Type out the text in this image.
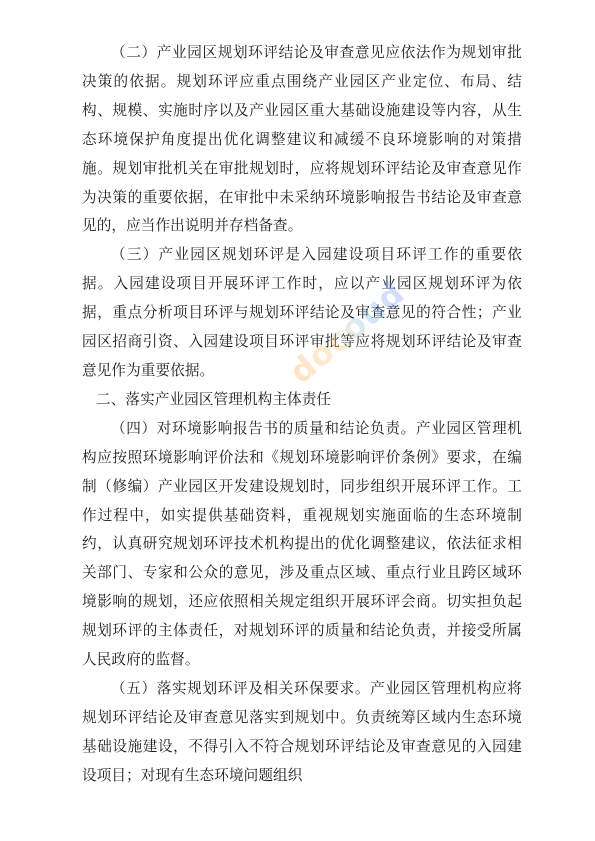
（二）产业园区规划环评结论及审查意见应依法作为规划审批决策的依据。规划环评应重点围绕产业园区产业定位、布局、结构、规模、实施时序以及产业园区重大基础设施建设等内容，从生态环境保护角度提出优化调整建议和减缓不良环境影响的对策措施。规划审批机关在审批规划时，应将规划环评结论及审查意见作为决策的重要依据，在审批中未采纳环境影响报告书结论及审查意见的，应当作出说明并存档备查。

（三）产业园区规划环评是入园建设项目环评工作的重要依据。入园建设项目开展环评工作时，应以产业园区规划环评为依据，重点分析项目环评与规划环评结论及审查意见的符合性；产业园区招商引资、入园建设项目环评审批等应将规划环评结论及审查意见作为重要依据。

二、落实产业园区管理机构主体责任

（四）对环境影响报告书的质量和结论负责。产业园区管理机构应按照环境影响评价法和《规划环境影响评价条例》要求，在编制（修编）产业园区开发建设规划时，同步组织开展环评工作。工作过程中，如实提供基础资料，重视规划实施面临的生态环境制约，认真研究规划环评技术机构提出的优化调整建议，依法征求相关部门、专家和公众的意见，涉及重点区域、重点行业且跨区域环境影响的规划，还应依照相关规定组织开展环评会商。切实担负起规划环评的主体责任，对规划环评的质量和结论负责，并接受所属人民政府的监督。

（五）落实规划环评及相关环保要求。产业园区管理机构应将规划环评结论及审查意见落实到规划中。负责统筹区域内生态环境基础设施建设，不得引入不符合规划环评结论及审查意见的入园建设项目；对现有生态环境问题组织

docoud
